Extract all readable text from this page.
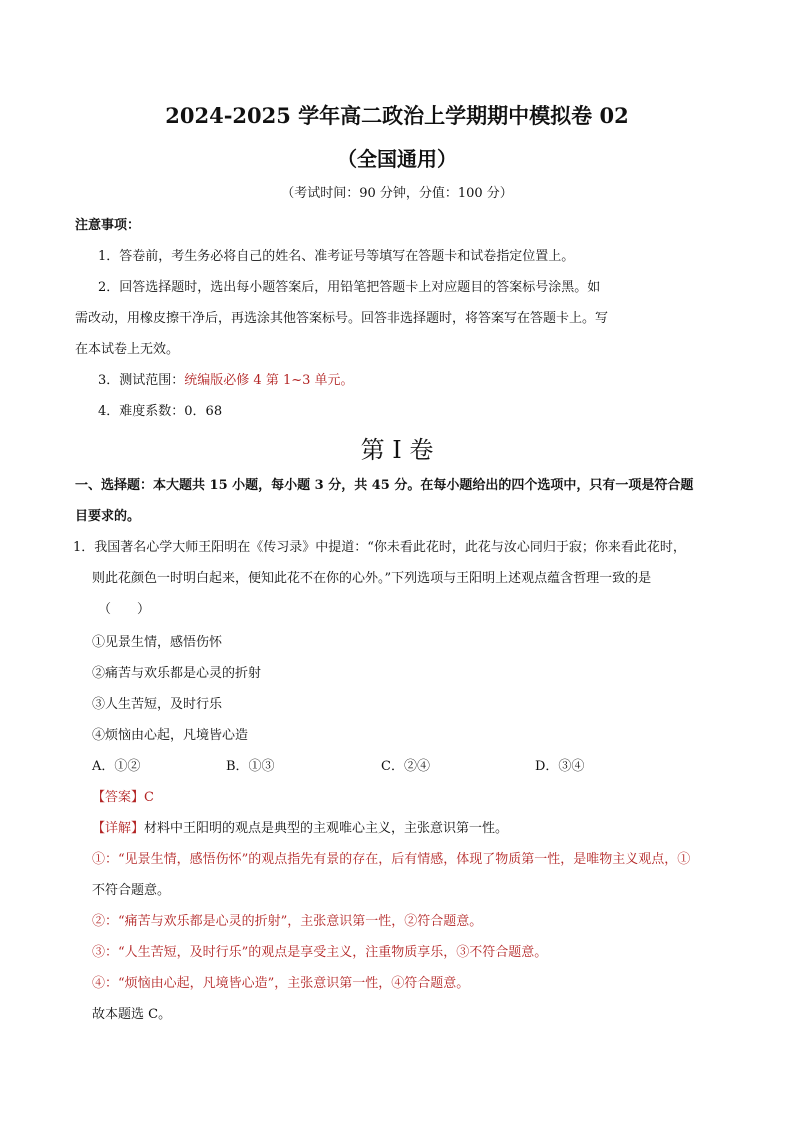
2024-2025 学年高二政治上学期期中模拟卷 02
（全国通用）
（考试时间：90 分钟，分值：100 分）
注意事项：
1．答卷前，考生务必将自己的姓名、准考证号等填写在答题卡和试卷指定位置上。
2．回答选择题时，选出每小题答案后，用铅笔把答题卡上对应题目的答案标号涂黑。如
需改动，用橡皮擦干净后，再选涂其他答案标号。回答非选择题时，将答案写在答题卡上。写
在本试卷上无效。
3．测试范围：统编版必修 4 第 1~3 单元。
4．难度系数：0．68
第 I 卷
一、选择题：本大题共 15 小题，每小题 3 分，共 45 分。在每小题给出的四个选项中，只有一项是符合题
目要求的。
1．我国著名心学大师王阳明在《传习录》中提道：“你未看此花时，此花与汝心同归于寂；你来看此花时，
则此花颜色一时明白起来，便知此花不在你的心外。”下列选项与王阳明上述观点蕴含哲理一致的是
（　　）
①见景生情，感悟伤怀
②痛苦与欢乐都是心灵的折射
③人生苦短，及时行乐
④烦恼由心起，凡境皆心造
A．①②	B．①③	C．②④	D．③④
【答案】C
【详解】材料中王阳明的观点是典型的主观唯心主义，主张意识第一性。
①：“见景生情，感悟伤怀”的观点指先有景的存在，后有情感，体现了物质第一性，是唯物主义观点，①
不符合题意。
②：“痛苦与欢乐都是心灵的折射”，主张意识第一性，②符合题意。
③：“人生苦短，及时行乐”的观点是享受主义，注重物质享乐，③不符合题意。
④：“烦恼由心起，凡境皆心造”，主张意识第一性，④符合题意。
故本题选 C。
